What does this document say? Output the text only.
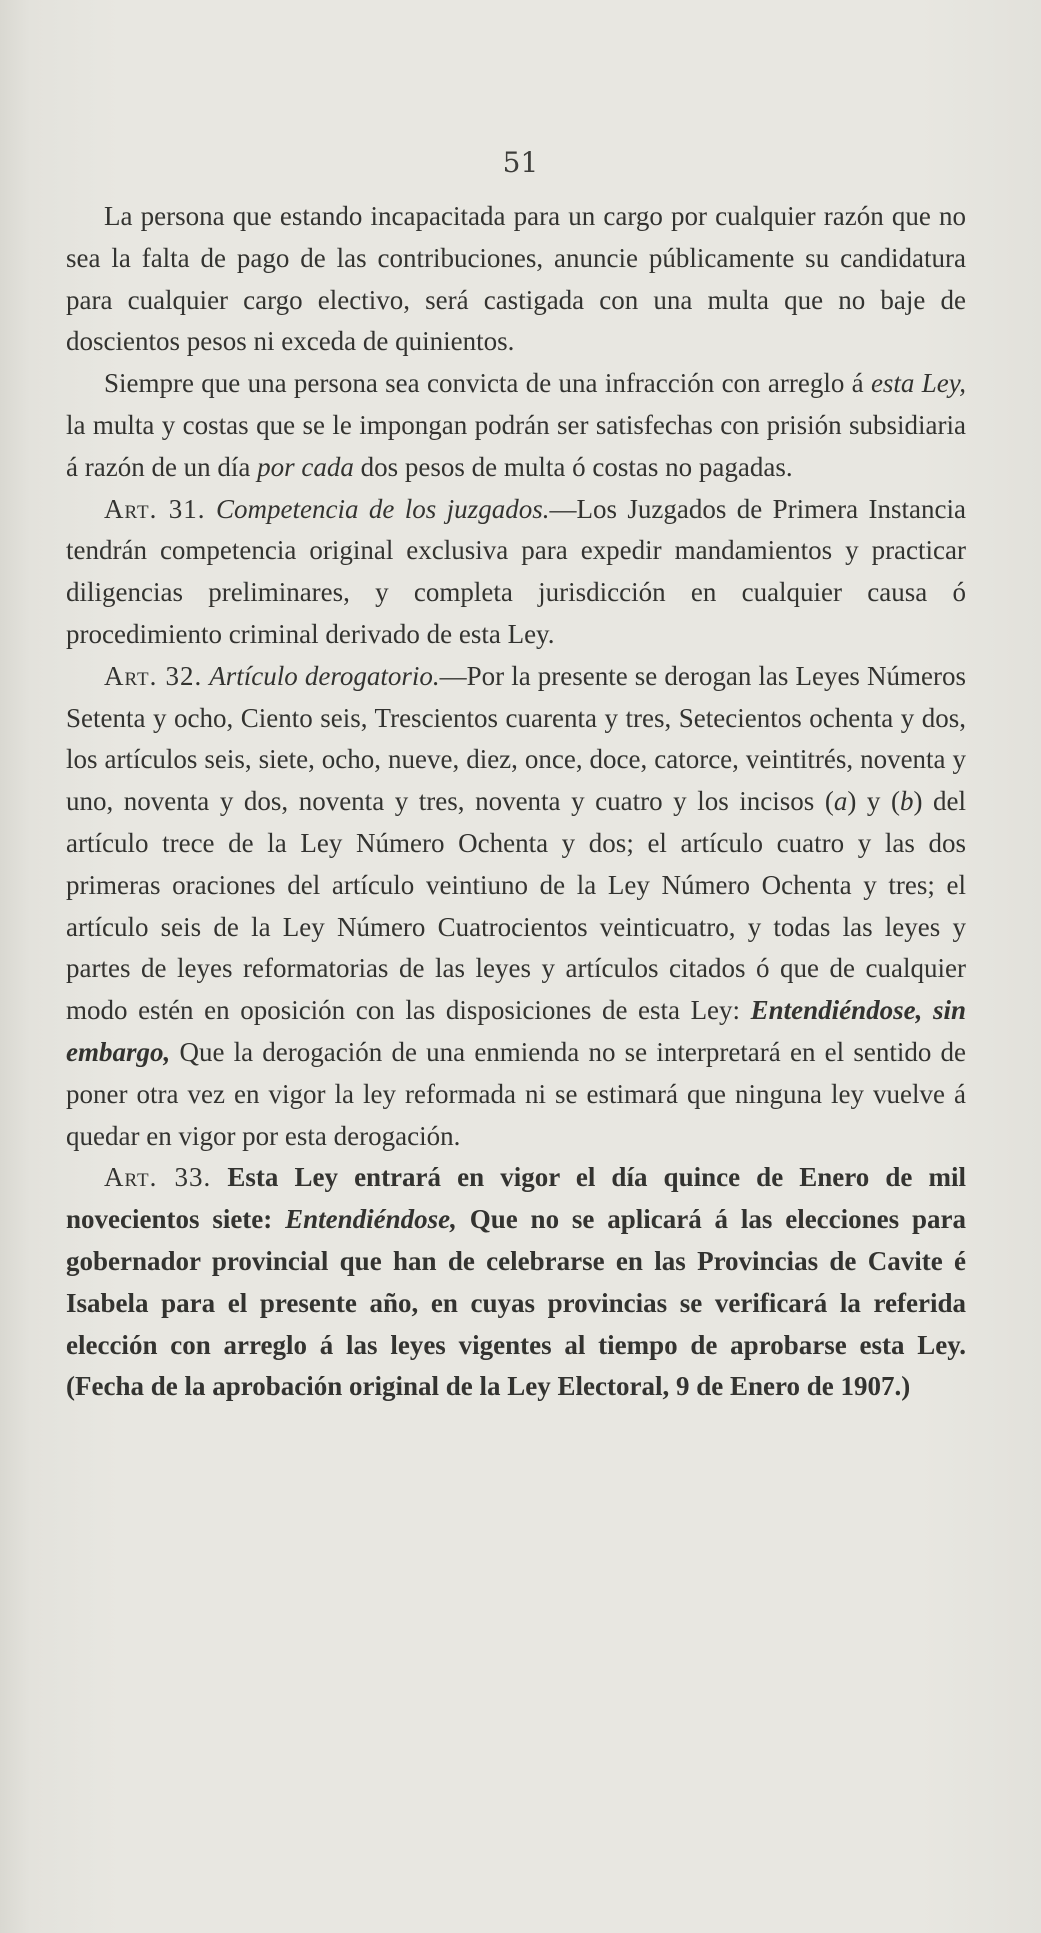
51

La persona que estando incapacitada para un cargo por cualquier razón que no sea la falta de pago de las contribuciones, anuncie públicamente su candidatura para cualquier cargo electivo, será castigada con una multa que no baje de doscientos pesos ni exceda de quinientos.

Siempre que una persona sea convicta de una infracción con arreglo á esta Ley, la multa y costas que se le impongan podrán ser satisfechas con prisión subsidiaria á razón de un día por cada dos pesos de multa ó costas no pagadas.

Art. 31. Competencia de los juzgados.—Los Juzgados de Primera Instancia tendrán competencia original exclusiva para expedir mandamientos y practicar diligencias preliminares, y completa jurisdicción en cualquier causa ó procedimiento criminal derivado de esta Ley.

Art. 32. Artículo derogatorio.—Por la presente se derogan las Leyes Números Setenta y ocho, Ciento seis, Trescientos cuarenta y tres, Setecientos ochenta y dos, los artículos seis, siete, ocho, nueve, diez, once, doce, catorce, veintitrés, noventa y uno, noventa y dos, noventa y tres, noventa y cuatro y los incisos (a) y (b) del artículo trece de la Ley Número Ochenta y dos; el artículo cuatro y las dos primeras oraciones del artículo veintiuno de la Ley Número Ochenta y tres; el artículo seis de la Ley Número Cuatrocientos veinticuatro, y todas las leyes y partes de leyes reformatorias de las leyes y artículos citados ó que de cualquier modo estén en oposición con las disposiciones de esta Ley: Entendiéndose, sin embargo, Que la derogación de una enmienda no se interpretará en el sentido de poner otra vez en vigor la ley reformada ni se estimará que ninguna ley vuelve á quedar en vigor por esta derogación.

Art. 33. Esta Ley entrará en vigor el día quince de Enero de mil novecientos siete: Entendiéndose, Que no se aplicará á las elecciones para gobernador provincial que han de celebrarse en las Provincias de Cavite é Isabela para el presente año, en cuyas provincias se verificará la referida elección con arreglo á las leyes vigentes al tiempo de aprobarse esta Ley. (Fecha de la aprobación original de la Ley Electoral, 9 de Enero de 1907.)
